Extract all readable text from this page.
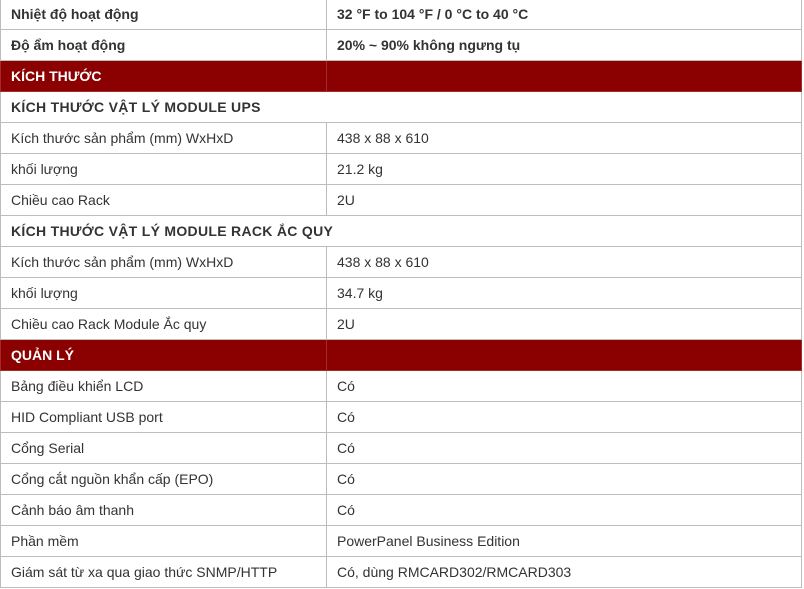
Nhiệt độ hoạt động	32 °F to 104 °F / 0 °C to 40 °C
Độ ẩm hoạt động	20% ~ 90% không ngưng tụ
KÍCH THƯỚC	
KÍCH THƯỚC VẬT LÝ MODULE UPS	
Kích thước sản phẩm (mm) WxHxD	438 x 88 x 610
khối lượng	21.2 kg
Chiều cao Rack	2U
KÍCH THƯỚC VẬT LÝ MODULE RACK ẮC QUY	
Kích thước sản phẩm (mm) WxHxD	438 x 88 x 610
khối lượng	34.7 kg
Chiều cao Rack Module Ắc quy	2U
QUẢN LÝ	
Bảng điều khiển LCD	Có
HID Compliant USB port	Có
Cổng Serial	Có
Cổng cắt nguồn khẩn cấp (EPO)	Có
Cảnh báo âm thanh	Có
Phần mềm	PowerPanel Business Edition
Giám sát từ xa qua giao thức SNMP/HTTP	Có, dùng RMCARD302/RMCARD303
